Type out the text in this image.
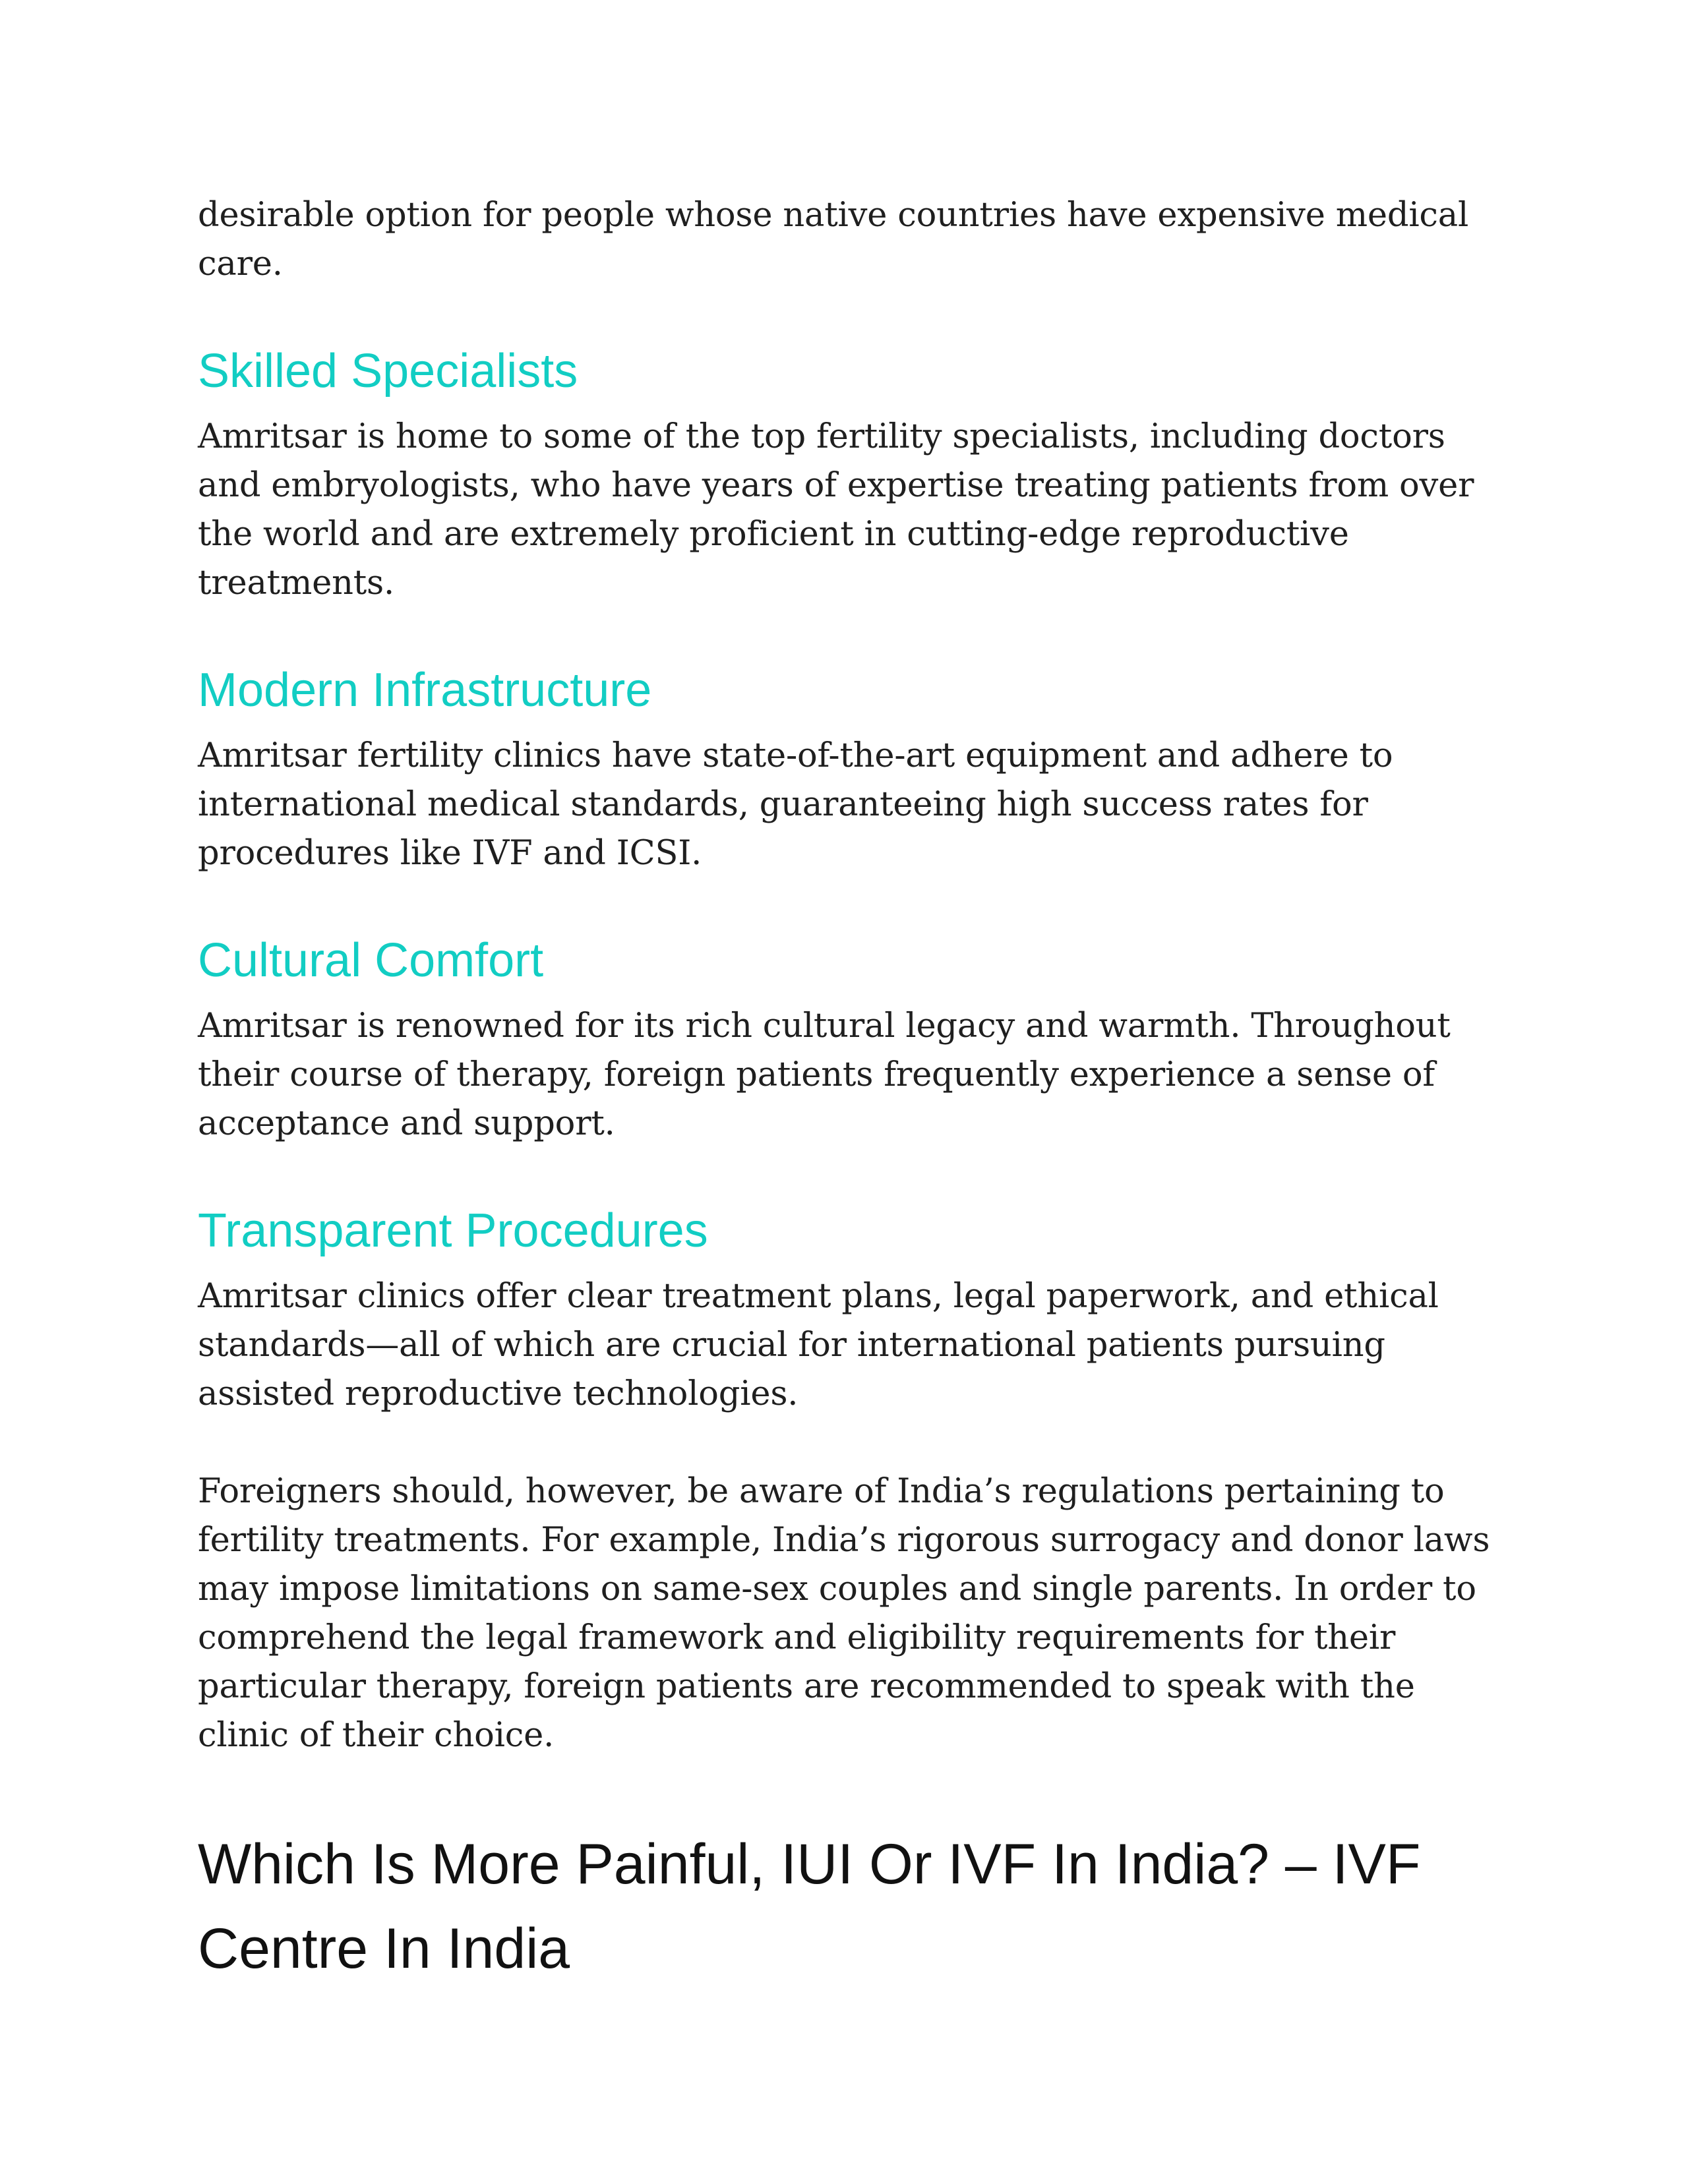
desirable option for people whose native countries have expensive medical care.

Skilled Specialists

Amritsar is home to some of the top fertility specialists, including doctors and embryologists, who have years of expertise treating patients from over the world and are extremely proficient in cutting-edge reproductive treatments.

Modern Infrastructure

Amritsar fertility clinics have state-of-the-art equipment and adhere to international medical standards, guaranteeing high success rates for procedures like IVF and ICSI.

Cultural Comfort

Amritsar is renowned for its rich cultural legacy and warmth. Throughout their course of therapy, foreign patients frequently experience a sense of acceptance and support.

Transparent Procedures

Amritsar clinics offer clear treatment plans, legal paperwork, and ethical standards—all of which are crucial for international patients pursuing assisted reproductive technologies.

Foreigners should, however, be aware of India’s regulations pertaining to fertility treatments. For example, India’s rigorous surrogacy and donor laws may impose limitations on same-sex couples and single parents. In order to comprehend the legal framework and eligibility requirements for their particular therapy, foreign patients are recommended to speak with the clinic of their choice.

Which Is More Painful, IUI Or IVF In India? – IVF Centre In India
